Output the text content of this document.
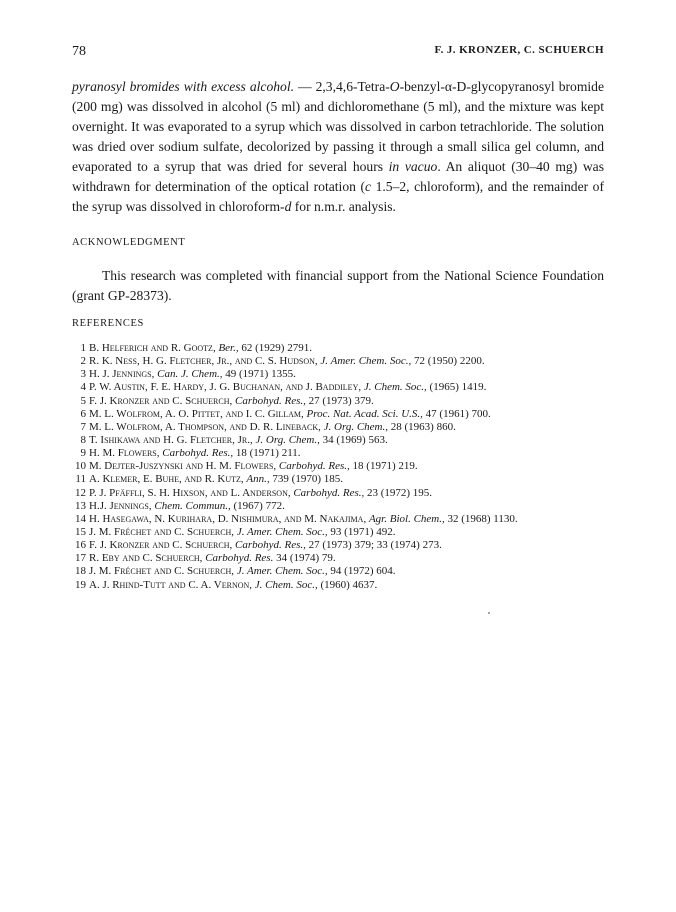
78	F. J. KRONZER, C. SCHUERCH

pyranosyl bromides with excess alcohol. — 2,3,4,6-Tetra-O-benzyl-α-D-glycopyranosyl bromide (200 mg) was dissolved in alcohol (5 ml) and dichloromethane (5 ml), and the mixture was kept overnight. It was evaporated to a syrup which was dissolved in carbon tetrachloride. The solution was dried over sodium sulfate, decolorized by passing it through a small silica gel column, and evaporated to a syrup that was dried for several hours in vacuo. An aliquot (30–40 mg) was withdrawn for determination of the optical rotation (c 1.5–2, chloroform), and the remainder of the syrup was dissolved in chloroform-d for n.m.r. analysis.

ACKNOWLEDGMENT

This research was completed with financial support from the National Science Foundation (grant GP-28373).

REFERENCES

1 B. Helferich and R. Gootz, Ber., 62 (1929) 2791.
2 R. K. Ness, H. G. Fletcher, Jr., and C. S. Hudson, J. Amer. Chem. Soc., 72 (1950) 2200.
3 H. J. Jennings, Can. J. Chem., 49 (1971) 1355.
4 P. W. Austin, F. E. Hardy, J. G. Buchanan, and J. Baddiley, J. Chem. Soc., (1965) 1419.
5 F. J. Kronzer and C. Schuerch, Carbohyd. Res., 27 (1973) 379.
6 M. L. Wolfrom, A. O. Pittet, and I. C. Gillam, Proc. Nat. Acad. Sci. U.S., 47 (1961) 700.
7 M. L. Wolfrom, A. Thompson, and D. R. Lineback, J. Org. Chem., 28 (1963) 860.
8 T. Ishikawa and H. G. Fletcher, Jr., J. Org. Chem., 34 (1969) 563.
9 H. M. Flowers, Carbohyd. Res., 18 (1971) 211.
10 M. Dejter-Juszynski and H. M. Flowers, Carbohyd. Res., 18 (1971) 219.
11 A. Klemer, E. Buhe, and R. Kutz, Ann., 739 (1970) 185.
12 P. J. Pfäffli, S. H. Hixson, and L. Anderson, Carbohyd. Res., 23 (1972) 195.
13 H.J. Jennings, Chem. Commun., (1967) 772.
14 H. Hasegawa, N. Kurihara, D. Nishimura, and M. Nakajima, Agr. Biol. Chem., 32 (1968) 1130.
15 J. M. Fréchet and C. Schuerch, J. Amer. Chem. Soc., 93 (1971) 492.
16 F. J. Kronzer and C. Schuerch, Carbohyd. Res., 27 (1973) 379; 33 (1974) 273.
17 R. Eby and C. Schuerch, Carbohyd. Res. 34 (1974) 79.
18 J. M. Fréchet and C. Schuerch, J. Amer. Chem. Soc., 94 (1972) 604.
19 A. J. Rhind-Tutt and C. A. Vernon, J. Chem. Soc., (1960) 4637.
